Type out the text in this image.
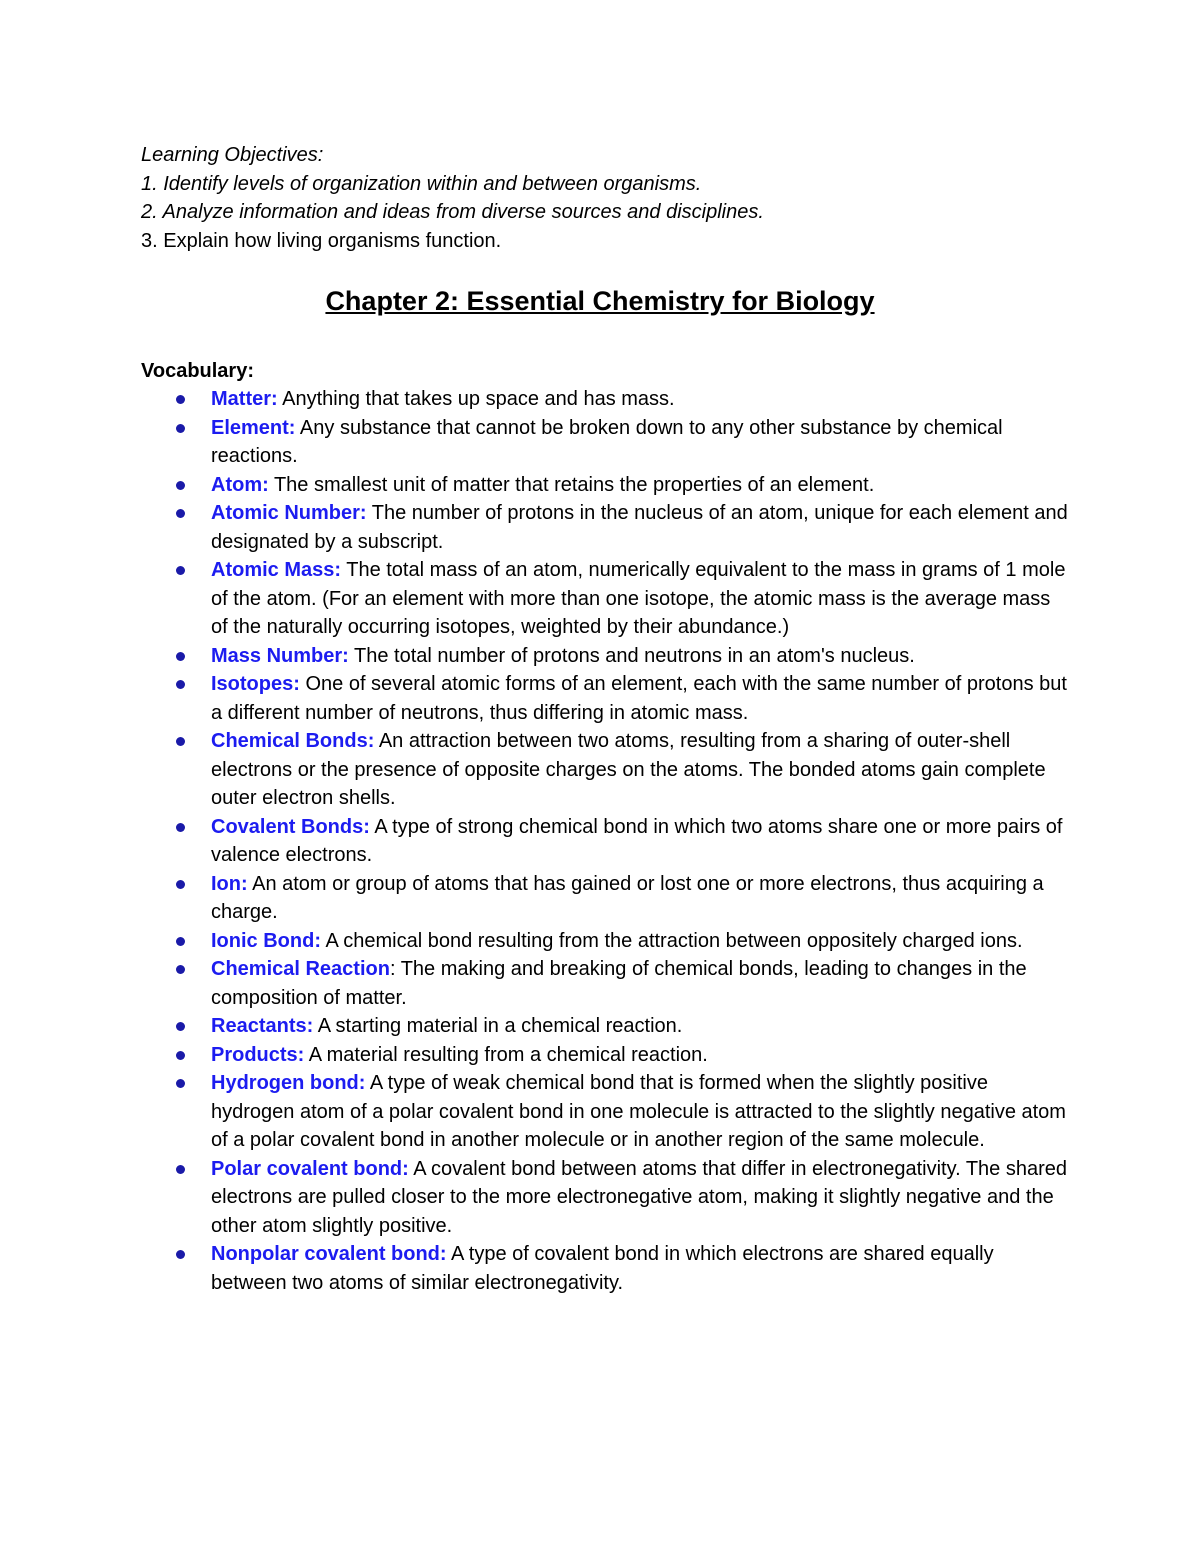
Learning Objectives:
1. Identify levels of organization within and between organisms.
2. Analyze information and ideas from diverse sources and disciplines.
3. Explain how living organisms function.
Chapter 2: Essential Chemistry for Biology
Vocabulary:
Matter: Anything that takes up space and has mass.
Element: Any substance that cannot be broken down to any other substance by chemical reactions.
Atom: The smallest unit of matter that retains the properties of an element.
Atomic Number: The number of protons in the nucleus of an atom, unique for each element and designated by a subscript.
Atomic Mass: The total mass of an atom, numerically equivalent to the mass in grams of 1 mole of the atom. (For an element with more than one isotope, the atomic mass is the average mass of the naturally occurring isotopes, weighted by their abundance.)
Mass Number: The total number of protons and neutrons in an atom's nucleus.
Isotopes: One of several atomic forms of an element, each with the same number of protons but a different number of neutrons, thus differing in atomic mass.
Chemical Bonds: An attraction between two atoms, resulting from a sharing of outer-shell electrons or the presence of opposite charges on the atoms. The bonded atoms gain complete outer electron shells.
Covalent Bonds: A type of strong chemical bond in which two atoms share one or more pairs of valence electrons.
Ion: An atom or group of atoms that has gained or lost one or more electrons, thus acquiring a charge.
Ionic Bond: A chemical bond resulting from the attraction between oppositely charged ions.
Chemical Reaction: The making and breaking of chemical bonds, leading to changes in the composition of matter.
Reactants: A starting material in a chemical reaction.
Products: A material resulting from a chemical reaction.
Hydrogen bond: A type of weak chemical bond that is formed when the slightly positive hydrogen atom of a polar covalent bond in one molecule is attracted to the slightly negative atom of a polar covalent bond in another molecule or in another region of the same molecule.
Polar covalent bond: A covalent bond between atoms that differ in electronegativity. The shared electrons are pulled closer to the more electronegative atom, making it slightly negative and the other atom slightly positive.
Nonpolar covalent bond: A type of covalent bond in which electrons are shared equally between two atoms of similar electronegativity.
